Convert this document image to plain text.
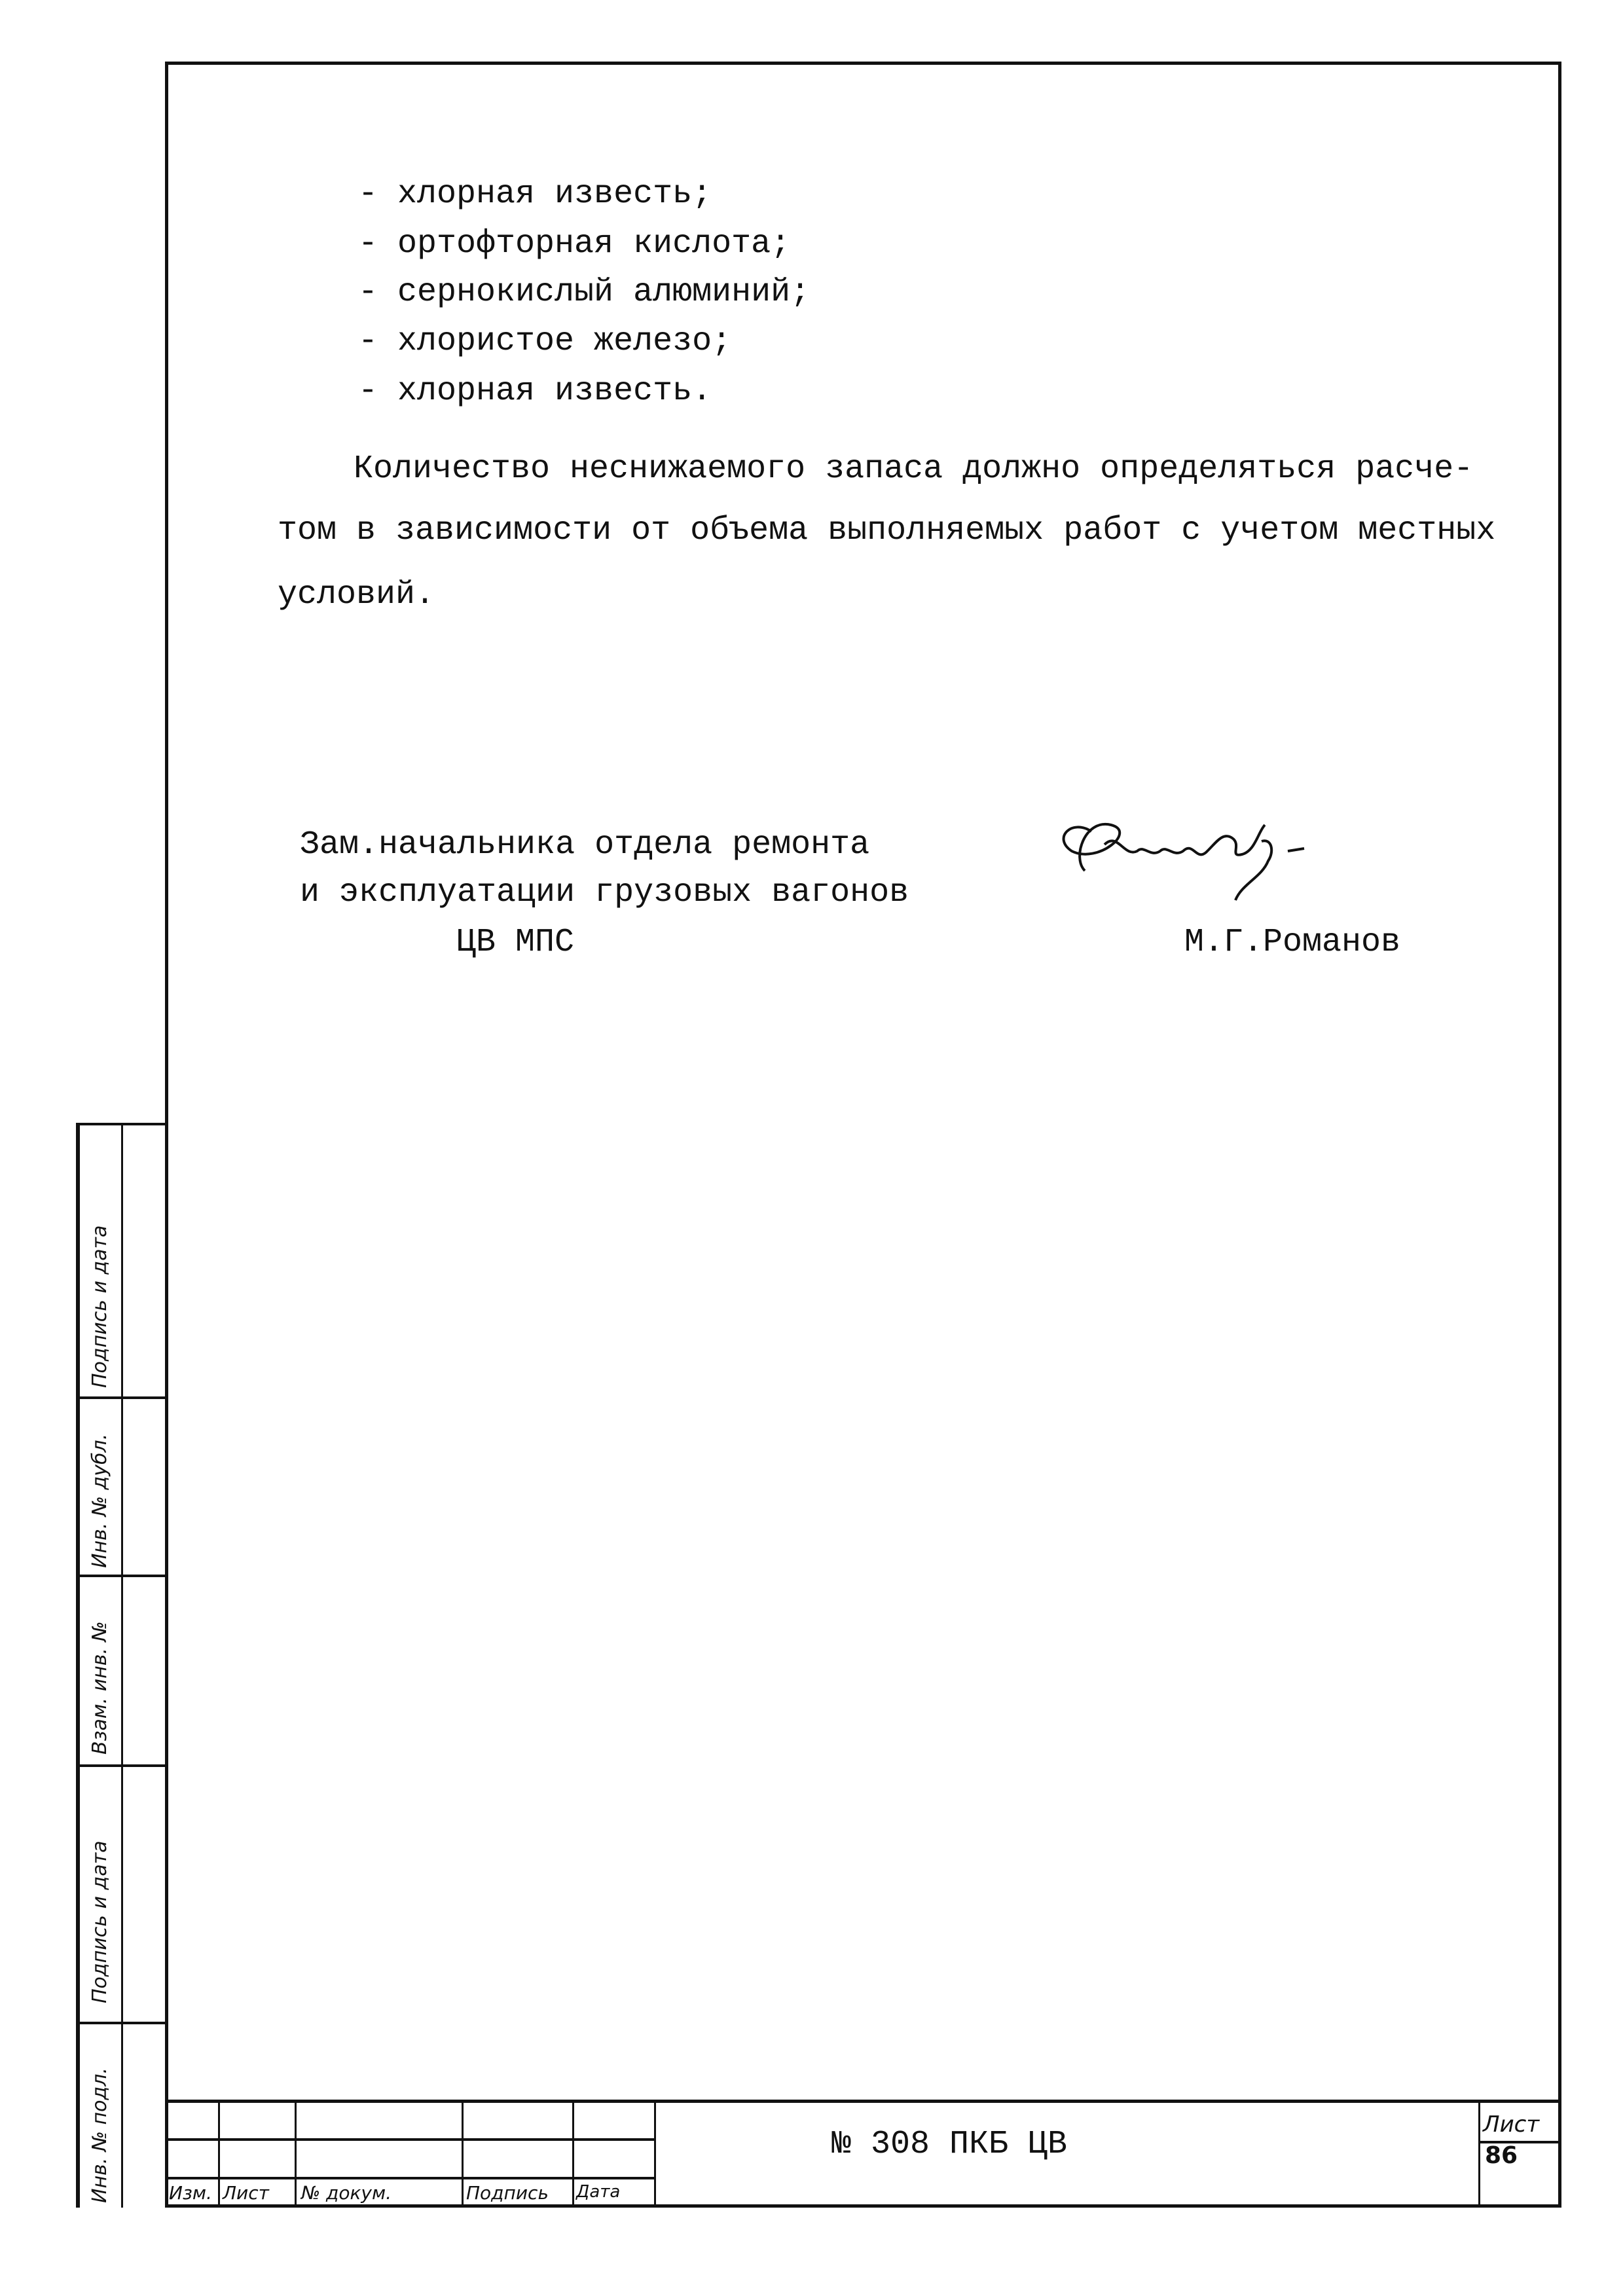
- хлорная известь;
- ортофторная кислота;
- сернокислый алюминий;
- хлористое железо;
- хлорная известь.
Количество неснижаемого запаса должно определяться расче-
том в зависимости от объема выполняемых работ с учетом местных
условий.
Зам.начальника отдела ремонта
и эксплуатации грузовых вагонов
ЦВ МПС	М.Г.Романов
Инв. № подл.
Подпись и дата
Взам. инв. №
Инв. № дубл.
Подпись и дата
Изм. Лист № докум.	Подпись Дата
№ 308 ПКБ ЦВ
Лист
86
